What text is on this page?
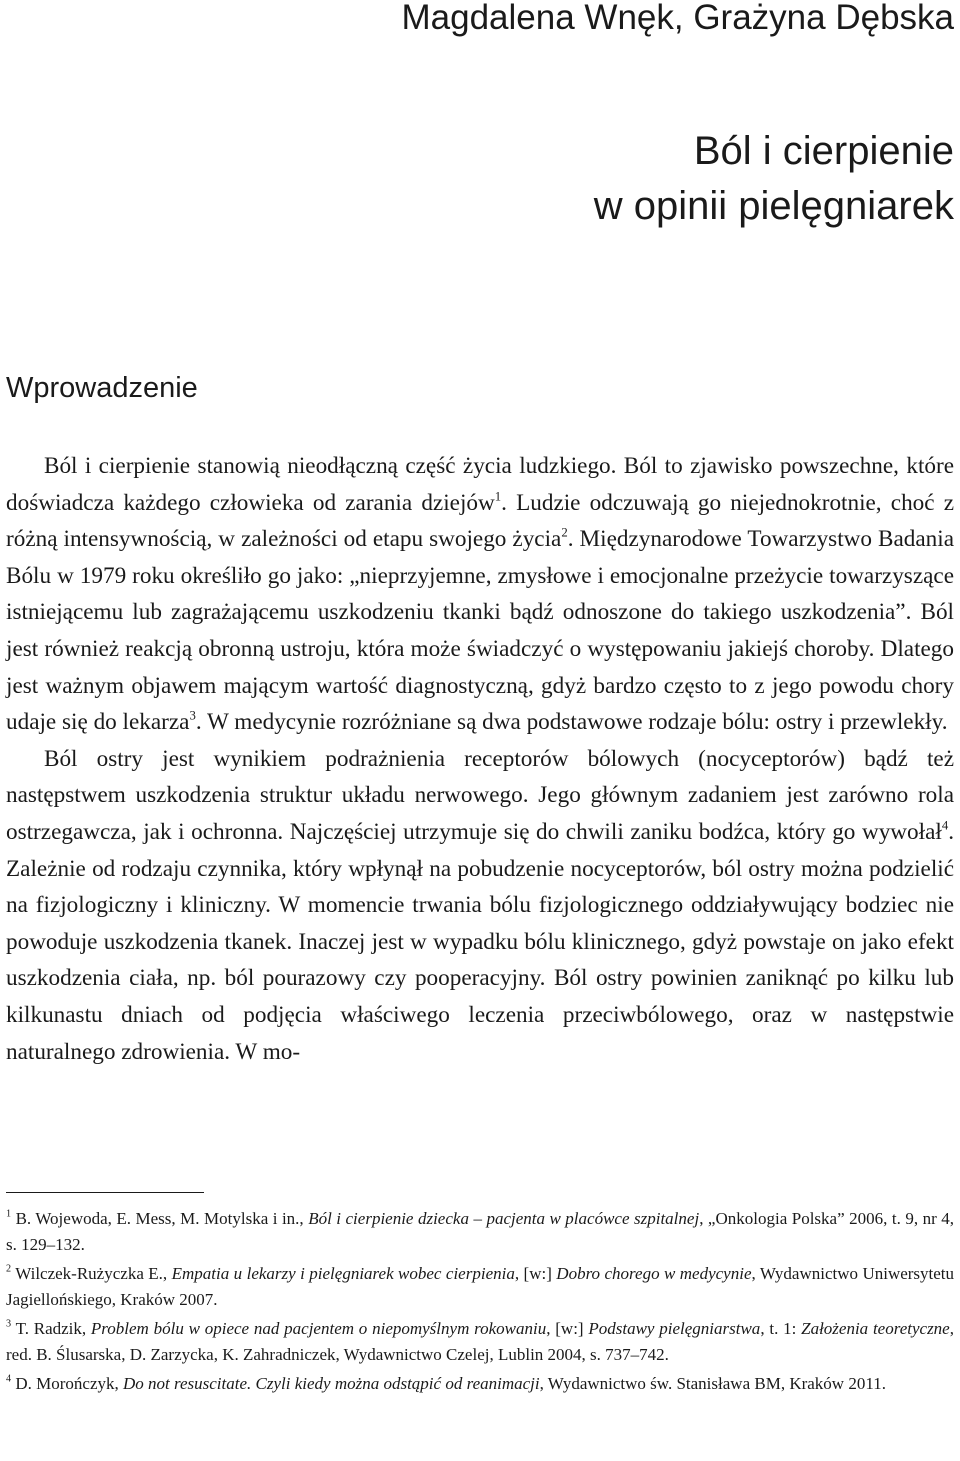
Magdalena Wnęk, Grażyna Dębska
Ból i cierpienie
w opinii pielęgniarek
Wprowadzenie

Ból i cierpienie stanowią nieodłączną część życia ludzkiego. Ból to zjawisko powszechne, które doświadcza każdego człowieka od zarania dziejów$^1$. Ludzie odczuwają go niejednokrotnie, choć z różną intensywnością, w zależności od etapu swojego życia$^2$. Międzynarodowe Towarzystwo Badania Bólu w 1979 roku określiło go jako: „nieprzyjemne, zmysłowe i emocjonalne przeżycie towarzyszące istniejącemu lub zagrażającemu uszkodzeniu tkanki bądź odnoszone do takiego uszkodzenia”. Ból jest również reakcją obronną ustroju, która może świadczyć o występowaniu jakiejś choroby. Dlatego jest ważnym objawem mającym wartość diagnostyczną, gdyż bardzo często to z jego powodu chory udaje się do lekarza$^3$. W medycynie rozróżniane są dwa podstawowe rodzaje bólu: ostry i przewlekły.

Ból ostry jest wynikiem podrażnienia receptorów bólowych (nocyceptorów) bądź też następstwem uszkodzenia struktur układu nerwowego. Jego głównym zadaniem jest zarówno rola ostrzegawcza, jak i ochronna. Najczęściej utrzymuje się do chwili zaniku bodźca, który go wywołał$^4$. Zależnie od rodzaju czynnika, który wpłynął na pobudzenie nocyceptorów, ból ostry można podzielić na fizjologiczny i kliniczny. W momencie trwania bólu fizjologicznego oddziaływujący bodziec nie powoduje uszkodzenia tkanek. Inaczej jest w wypadku bólu klinicznego, gdyż powstaje on jako efekt uszkodzenia ciała, np. ból pourazowy czy pooperacyjny. Ból ostry powinien zaniknąć po kilku lub kilkunastu dniach od podjęcia właściwego leczenia przeciwbólowego, oraz w następstwie naturalnego zdrowienia. W mo-

$^1$ B. Wojewoda, E. Mess, M. Motylska i in., Ból i cierpienie dziecka – pacjenta w placówce szpitalnej, „Onkologia Polska” 2006, t. 9, nr 4, s. 129–132.

$^2$ Wilczek-Rużyczka E., Empatia u lekarzy i pielęgniarek wobec cierpienia, [w:] Dobro chorego w medycynie, Wydawnictwo Uniwersytetu Jagiellońskiego, Kraków 2007.

$^3$ T. Radzik, Problem bólu w opiece nad pacjentem o niepomyślnym rokowaniu, [w:] Podstawy pielęgniarstwa, t. 1: Założenia teoretyczne, red. B. Ślusarska, D. Zarzycka, K. Zahradniczek, Wydawnictwo Czelej, Lublin 2004, s. 737–742.

$^4$ D. Morończyk, Do not resuscitate. Czyli kiedy można odstąpić od reanimacji, Wydawnictwo św. Stanisława BM, Kraków 2011.
